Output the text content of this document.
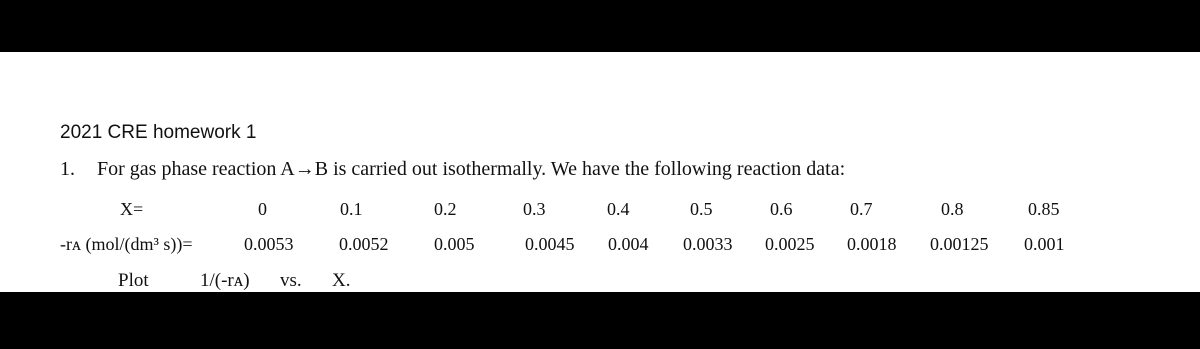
2021 CRE homework 1
1. For gas phase reaction A→B is carried out isothermally. We have the following reaction data:
X=	0	0.1	0.2	0.3	0.4	0.5	0.6	0.7	0.8	0.85
-rᴀ (mol/(dm³ s))=	0.0053	0.0052	0.005	0.0045 0.004 0.0033 0.0025 0.0018 0.00125 0.001
Plot	1/(-rᴀ) vs. X.
